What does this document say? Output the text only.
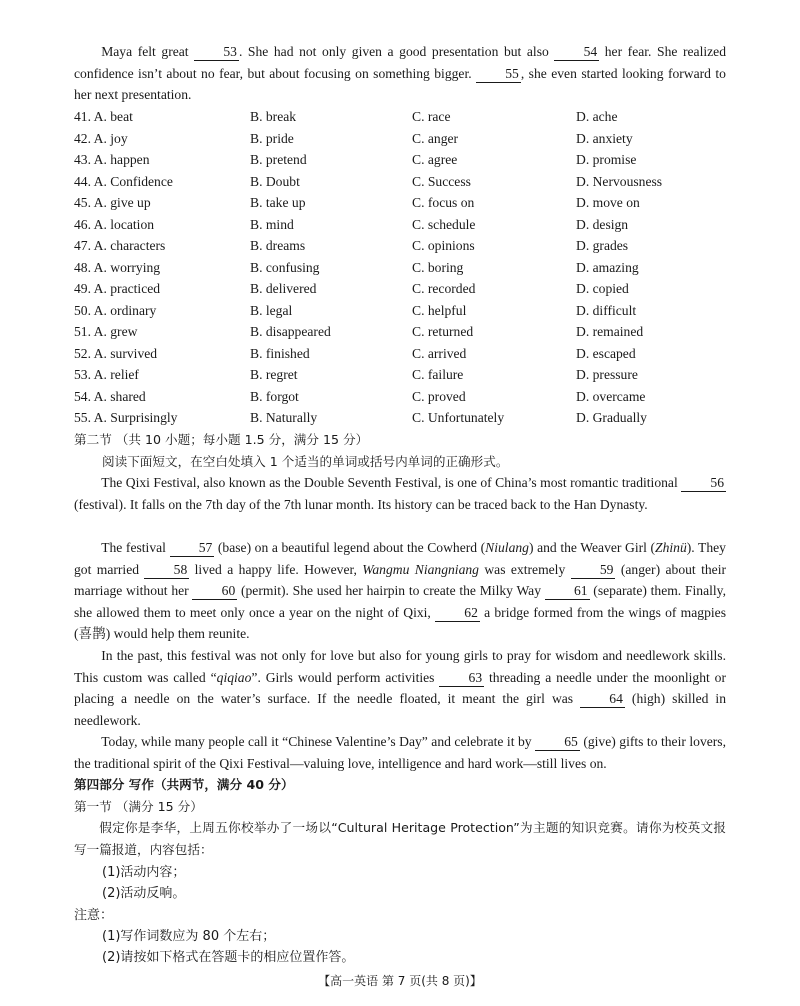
Maya felt great 53 . She had not only given a good presentation but also 54 her fear. She realized confidence isn’t about no fear, but about focusing on something bigger. 55 , she even started looking forward to her next presentation.

41. A. beat	B. break	C. race	D. ache
42. A. joy	B. pride	C. anger	D. anxiety
43. A. happen	B. pretend	C. agree	D. promise
44. A. Confidence	B. Doubt	C. Success	D. Nervousness
45. A. give up	B. take up	C. focus on	D. move on
46. A. location	B. mind	C. schedule	D. design
47. A. characters	B. dreams	C. opinions	D. grades
48. A. worrying	B. confusing	C. boring	D. amazing
49. A. practiced	B. delivered	C. recorded	D. copied
50. A. ordinary	B. legal	C. helpful	D. difficult
51. A. grew	B. disappeared	C. returned	D. remained
52. A. survived	B. finished	C. arrived	D. escaped
53. A. relief	B. regret	C. failure	D. pressure
54. A. shared	B. forgot	C. proved	D. overcame
55. A. Surprisingly	B. Naturally	C. Unfortunately	D. Gradually
第二节 （共 10 小题；每小题 1.5 分，满分 15 分）
阅读下面短文，在空白处填入 1 个适当的单词或括号内单词的正确形式。

The Qixi Festival, also known as the Double Seventh Festival, is one of China’s most romantic traditional 56 (festival). It falls on the 7th day of the 7th lunar month. Its history can be traced back to the Han Dynasty.

The festival 57 (base) on a beautiful legend about the Cowherd (Niulang) and the Weaver Girl (Zhinü). They got married 58 lived a happy life. However, Wangmu Niangniang was extremely 59 (anger) about their marriage without her 60 (permit). She used her hairpin to create the Milky Way 61 (separate) them. Finally, she allowed them to meet only once a year on the night of Qixi, 62 a bridge formed from the wings of magpies (喜鹊) would help them reunite.

In the past, this festival was not only for love but also for young girls to pray for wisdom and needlework skills. This custom was called “qiqiao”. Girls would perform activities 63 threading a needle under the moonlight or placing a needle on the water’s surface. If the needle floated, it meant the girl was 64 (high) skilled in needlework.

Today, while many people call it “Chinese Valentine’s Day” and celebrate it by 65 (give) gifts to their lovers, the traditional spirit of the Qixi Festival—valuing love, intelligence and hard work—still lives on.

第四部分 写作（共两节，满分 40 分）
第一节 （满分 15 分）

假定你是李华，上周五你校举办了一场以“Cultural Heritage Protection”为主题的知识竞赛。请你为校英文报写一篇报道，内容包括：

(1)活动内容；
(2)活动反响。
注意：
(1)写作词数应为 80 个左右；
(2)请按如下格式在答题卡的相应位置作答。
【高一英语 第 7 页(共 8 页)】
